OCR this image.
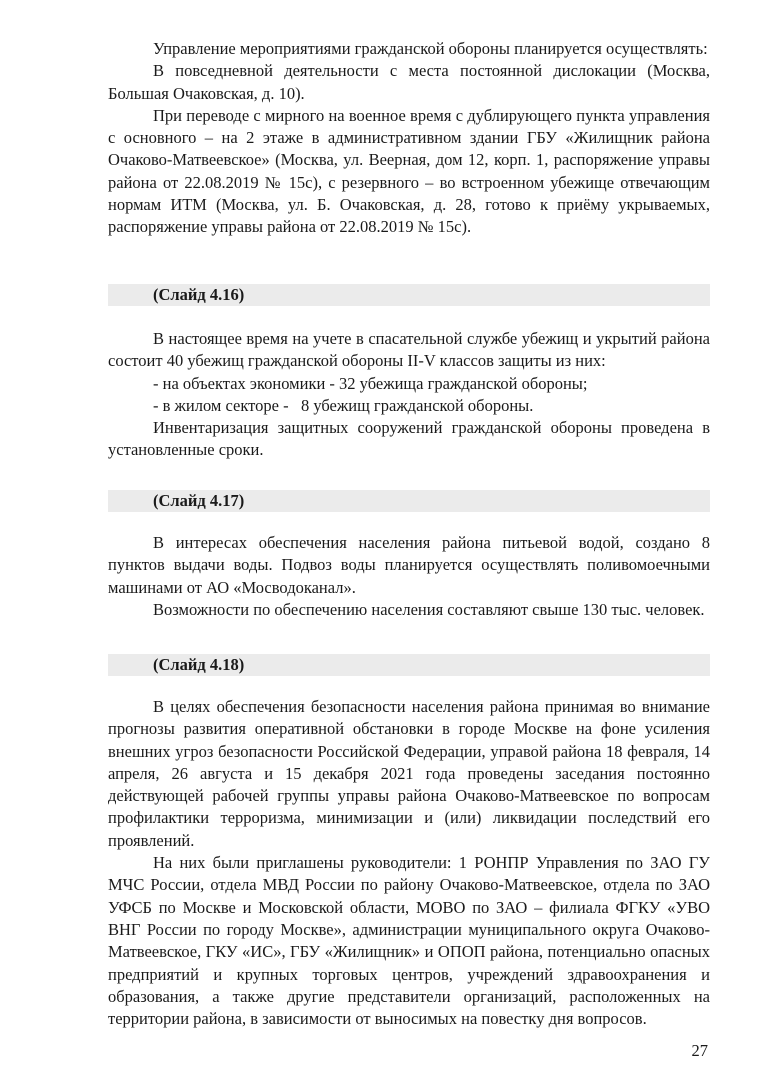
Управление мероприятиями гражданской обороны планируется осуществлять:

В повседневной деятельности с места постоянной дислокации (Москва, Большая Очаковская, д. 10).

При переводе с мирного на военное время с дублирующего пункта управления с основного – на 2 этаже в административном здании ГБУ «Жилищник района Очаково-Матвеевское» (Москва, ул. Веерная, дом 12, корп. 1, распоряжение управы района от 22.08.2019 № 15с), с резервного – во встроенном убежище отвечающим нормам ИТМ (Москва, ул. Б. Очаковская, д. 28, готово к приёму укрываемых, распоряжение управы района от 22.08.2019 № 15с).

(Слайд 4.16)

В настоящее время на учете в спасательной службе убежищ и укрытий района состоит 40 убежищ гражданской обороны II-V классов защиты из них:

- на объектах экономики - 32 убежища гражданской обороны;

- в жилом секторе -   8 убежищ гражданской обороны.

Инвентаризация защитных сооружений гражданской обороны проведена в установленные сроки.

(Слайд 4.17)

В интересах обеспечения населения района питьевой водой, создано 8 пунктов выдачи воды. Подвоз воды планируется осуществлять поливомоечными машинами от АО «Мосводоканал».

Возможности по обеспечению населения составляют свыше 130 тыс. человек.

(Слайд 4.18)

В целях обеспечения безопасности населения района принимая во внимание прогнозы развития оперативной обстановки в городе Москве на фоне усиления внешних угроз безопасности Российской Федерации, управой района 18 февраля, 14 апреля, 26 августа и 15 декабря 2021 года проведены заседания постоянно действующей рабочей группы управы района Очаково-Матвеевское по вопросам профилактики терроризма, минимизации и (или) ликвидации последствий его проявлений.

На них были приглашены руководители: 1 РОНПР Управления по ЗАО ГУ МЧС России, отдела МВД России по району Очаково-Матвеевское, отдела по ЗАО УФСБ по Москве и Московской области, МОВО по ЗАО – филиала ФГКУ «УВО ВНГ России по городу Москве», администрации муниципального округа Очаково-Матвеевское, ГКУ «ИС», ГБУ «Жилищник» и ОПОП района, потенциально опасных предприятий и крупных торговых центров, учреждений здравоохранения и образования, а также другие представители организаций, расположенных на территории района, в зависимости от выносимых на повестку дня вопросов.

27
